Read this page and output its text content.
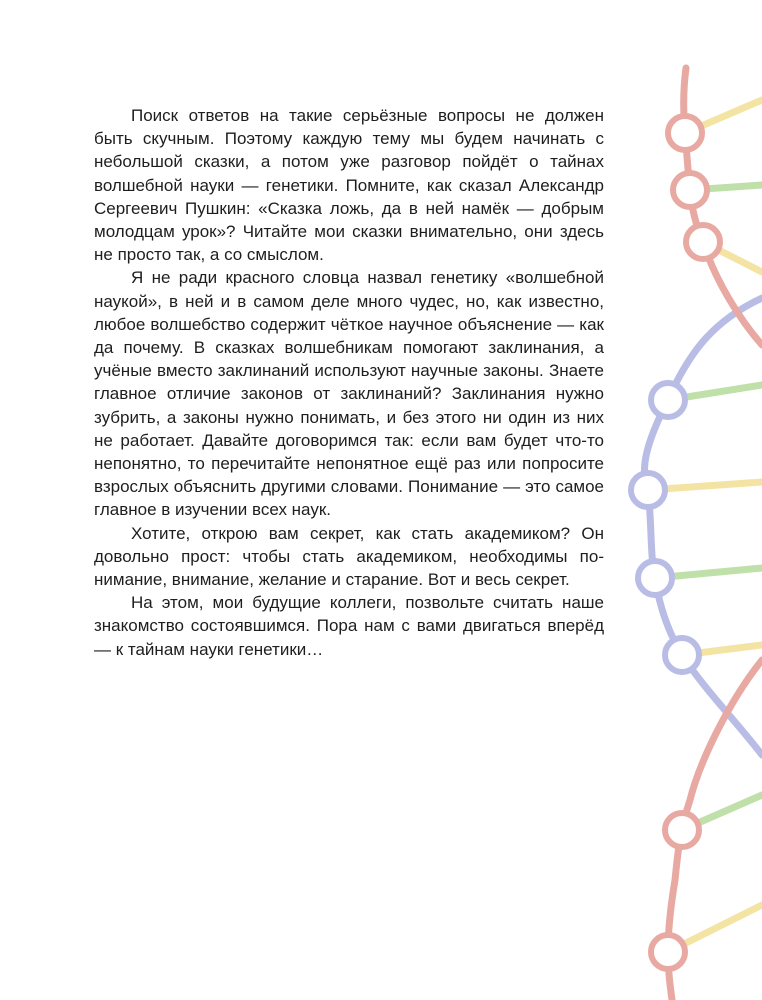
Поиск ответов на такие серьёзные вопросы не должен быть скучным. Поэтому каждую тему мы будем начинать с небольшой сказки, а потом уже разговор пойдёт о тайнах волшебной науки — генетики. Помните, как сказал Александр Сергеевич Пушкин: «Сказка ложь, да в ней намёк — добрым молодцам урок»? Читайте мои сказки внимательно, они здесь не просто так, а со смыслом.

Я не ради красного словца назвал генетику «волшебной наукой», в ней и в самом деле много чудес, но, как известно, любое волшебство содержит чёткое научное объяснение — как да почему. В сказках волшебникам помогают заклинания, а учёные вместо заклинаний используют научные законы. Знаете главное отличие законов от заклинаний? Заклинания нужно зубрить, а законы нужно понимать, и без этого ни один из них не работает. Давайте договоримся так: если вам будет что-то непонятно, то перечитайте непонятное ещё раз или попросите взрослых объяснить другими словами. Понимание — это самое главное в изучении всех наук.

Хотите, открою вам секрет, как стать академиком? Он довольно прост: чтобы стать академиком, необходимы понимание, внимание, желание и старание. Вот и весь секрет.

На этом, мои будущие коллеги, позвольте считать наше знакомство состоявшимся. Пора нам с вами двигаться вперёд — к тайнам науки генетики…
